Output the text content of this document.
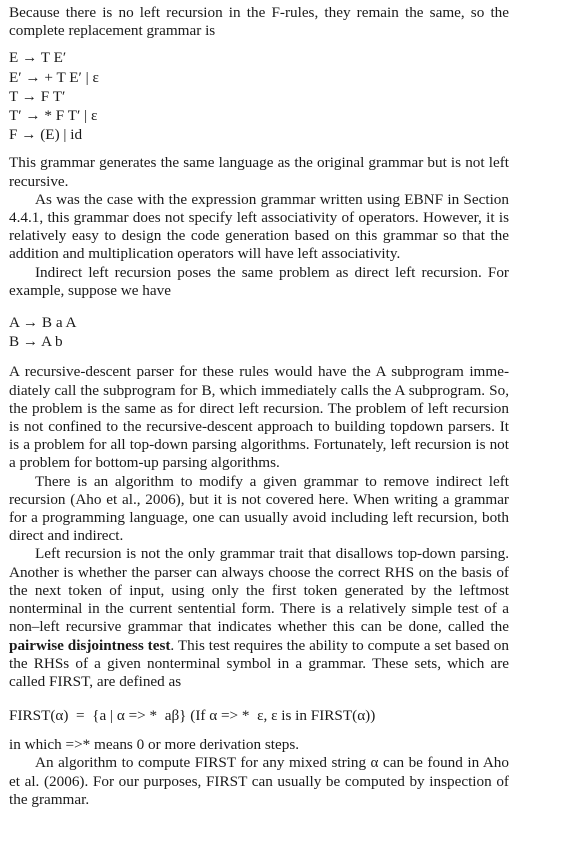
Because there is no left recursion in the F-rules, they remain the same, so the complete replacement grammar is

E → T E′
E′ → + T E′ | ε
T → F T′
T′ → * F T′ | ε
F → (E) | id

This grammar generates the same language as the original grammar but is not left recursive.

As was the case with the expression grammar written using EBNF in Section 4.4.1, this grammar does not specify left associativity of operators. However, it is relatively easy to design the code generation based on this grammar so that the addition and multiplication operators will have left associativity.

Indirect left recursion poses the same problem as direct left recursion. For example, suppose we have

A → B a A
B → A b

A recursive-descent parser for these rules would have the A subprogram immediately call the subprogram for B, which immediately calls the A subprogram. So, the problem is the same as for direct left recursion. The problem of left recursion is not confined to the recursive-descent approach to building topdown parsers. It is a problem for all top-down parsing algorithms. Fortunately, left recursion is not a problem for bottom-up parsing algorithms.

There is an algorithm to modify a given grammar to remove indirect left recursion (Aho et al., 2006), but it is not covered here. When writing a grammar for a programming language, one can usually avoid including left recursion, both direct and indirect.

Left recursion is not the only grammar trait that disallows top-down parsing. Another is whether the parser can always choose the correct RHS on the basis of the next token of input, using only the first token generated by the leftmost nonterminal in the current sentential form. There is a relatively simple test of a non–left recursive grammar that indicates whether this can be done, called the pairwise disjointness test. This test requires the ability to compute a set based on the RHSs of a given nonterminal symbol in a grammar. These sets, which are called FIRST, are defined as

FIRST(α)  =  {a | α => *  aβ} (If α => *  ε, ε is in FIRST(α))

in which =>* means 0 or more derivation steps.

An algorithm to compute FIRST for any mixed string α can be found in Aho et al. (2006). For our purposes, FIRST can usually be computed by inspection of the grammar.
